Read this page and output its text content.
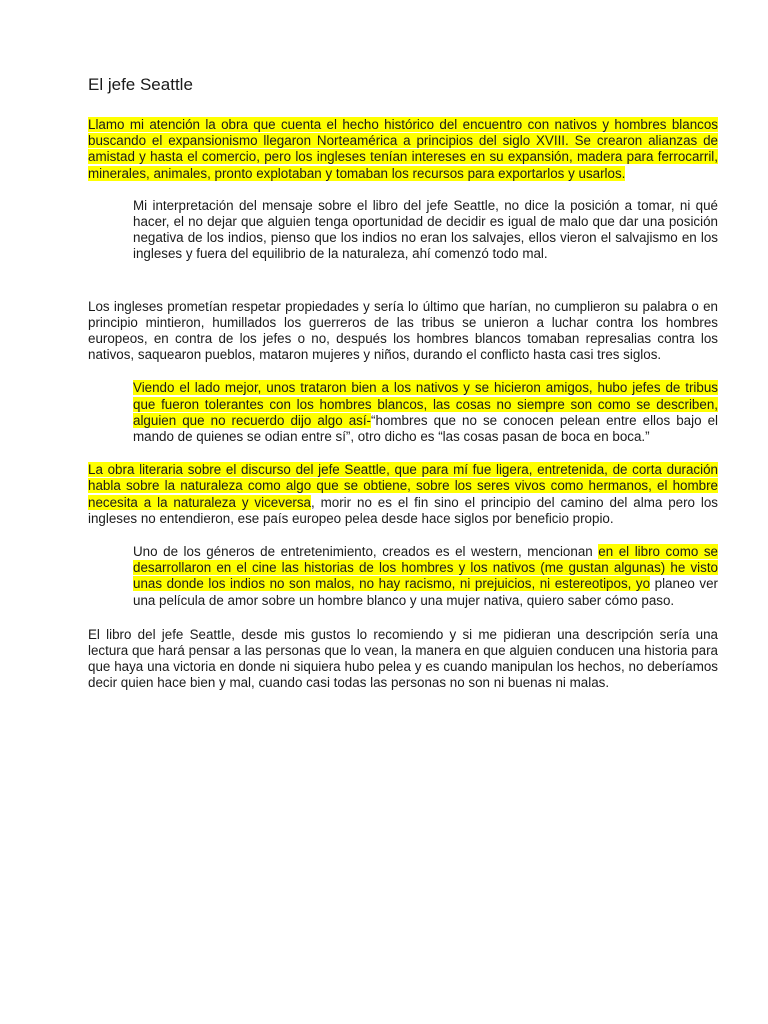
El jefe Seattle

Llamo mi atención la obra que cuenta el hecho histórico del encuentro con nativos y hombres blancos buscando el expansionismo llegaron Norteamérica a principios del siglo XVIII. Se crearon alianzas de amistad y hasta el comercio, pero los ingleses tenían intereses en su expansión, madera para ferrocarril, minerales, animales, pronto explotaban y tomaban los recursos para exportarlos y usarlos.

Mi interpretación del mensaje sobre el libro del jefe Seattle, no dice la posición a tomar, ni qué hacer, el no dejar que alguien tenga oportunidad de decidir es igual de malo que dar una posición negativa de los indios, pienso que los indios no eran los salvajes, ellos vieron el salvajismo en los ingleses y fuera del equilibrio de la naturaleza, ahí comenzó todo mal.

Los ingleses prometían respetar propiedades y sería lo último que harían, no cumplieron su palabra o en principio mintieron, humillados los guerreros de las tribus se unieron a luchar contra los hombres europeos, en contra de los jefes o no, después los hombres blancos tomaban represalias contra los nativos, saquearon pueblos, mataron mujeres y niños, durando el conflicto hasta casi tres siglos.

Viendo el lado mejor, unos trataron bien a los nativos y se hicieron amigos, hubo jefes de tribus que fueron tolerantes con los hombres blancos, las cosas no siempre son como se describen, alguien que no recuerdo dijo algo así-“hombres que no se conocen pelean entre ellos bajo el mando de quienes se odian entre sí”, otro dicho es “las cosas pasan de boca en boca.”

La obra literaria sobre el discurso del jefe Seattle, que para mí fue ligera, entretenida, de corta duración habla sobre la naturaleza como algo que se obtiene, sobre los seres vivos como hermanos, el hombre necesita a la naturaleza y viceversa, morir no es el fin sino el principio del camino del alma pero los ingleses no entendieron, ese país europeo pelea desde hace siglos por beneficio propio.

Uno de los géneros de entretenimiento, creados es el western, mencionan en el libro como se desarrollaron en el cine las historias de los hombres y los nativos (me gustan algunas) he visto unas donde los indios no son malos, no hay racismo, ni prejuicios, ni estereotipos, yo planeo ver una película de amor sobre un hombre blanco y una mujer nativa, quiero saber cómo paso.

El libro del jefe Seattle, desde mis gustos lo recomiendo y si me pidieran una descripción sería una lectura que hará pensar a las personas que lo vean, la manera en que alguien conducen una historia para que haya una victoria en donde ni siquiera hubo pelea y es cuando manipulan los hechos, no deberíamos decir quien hace bien y mal, cuando casi todas las personas no son ni buenas ni malas.
